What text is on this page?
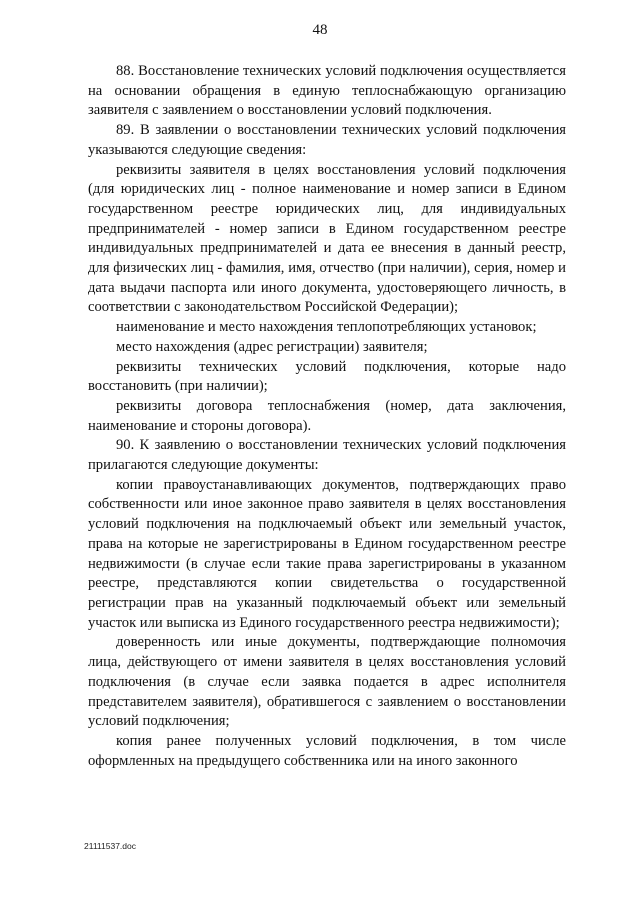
48

88. Восстановление технических условий подключения осуществляется на основании обращения в единую теплоснабжающую организацию заявителя с заявлением о восстановлении условий подключения.

89. В заявлении о восстановлении технических условий подключения указываются следующие сведения:

реквизиты заявителя в целях восстановления условий подключения (для юридических лиц - полное наименование и номер записи в Едином государственном реестре юридических лиц, для индивидуальных предпринимателей - номер записи в Едином государственном реестре индивидуальных предпринимателей и дата ее внесения в данный реестр, для физических лиц - фамилия, имя, отчество (при наличии), серия, номер и дата выдачи паспорта или иного документа, удостоверяющего личность, в соответствии с законодательством Российской Федерации);

наименование и место нахождения теплопотребляющих установок;

место нахождения (адрес регистрации) заявителя;

реквизиты технических условий подключения, которые надо восстановить (при наличии);

реквизиты договора теплоснабжения (номер, дата заключения, наименование и стороны договора).

90. К заявлению о восстановлении технических условий подключения прилагаются следующие документы:

копии правоустанавливающих документов, подтверждающих право собственности или иное законное право заявителя в целях восстановления условий подключения на подключаемый объект или земельный участок, права на которые не зарегистрированы в Едином государственном реестре недвижимости (в случае если такие права зарегистрированы в указанном реестре, представляются копии свидетельства о государственной регистрации прав на указанный подключаемый объект или земельный участок или выписка из Единого государственного реестра недвижимости);

доверенность или иные документы, подтверждающие полномочия лица, действующего от имени заявителя в целях восстановления условий подключения (в случае если заявка подается в адрес исполнителя представителем заявителя), обратившегося с заявлением о восстановлении условий подключения;

копия ранее полученных условий подключения, в том числе оформленных на предыдущего собственника или на иного законного

21111537.doc
